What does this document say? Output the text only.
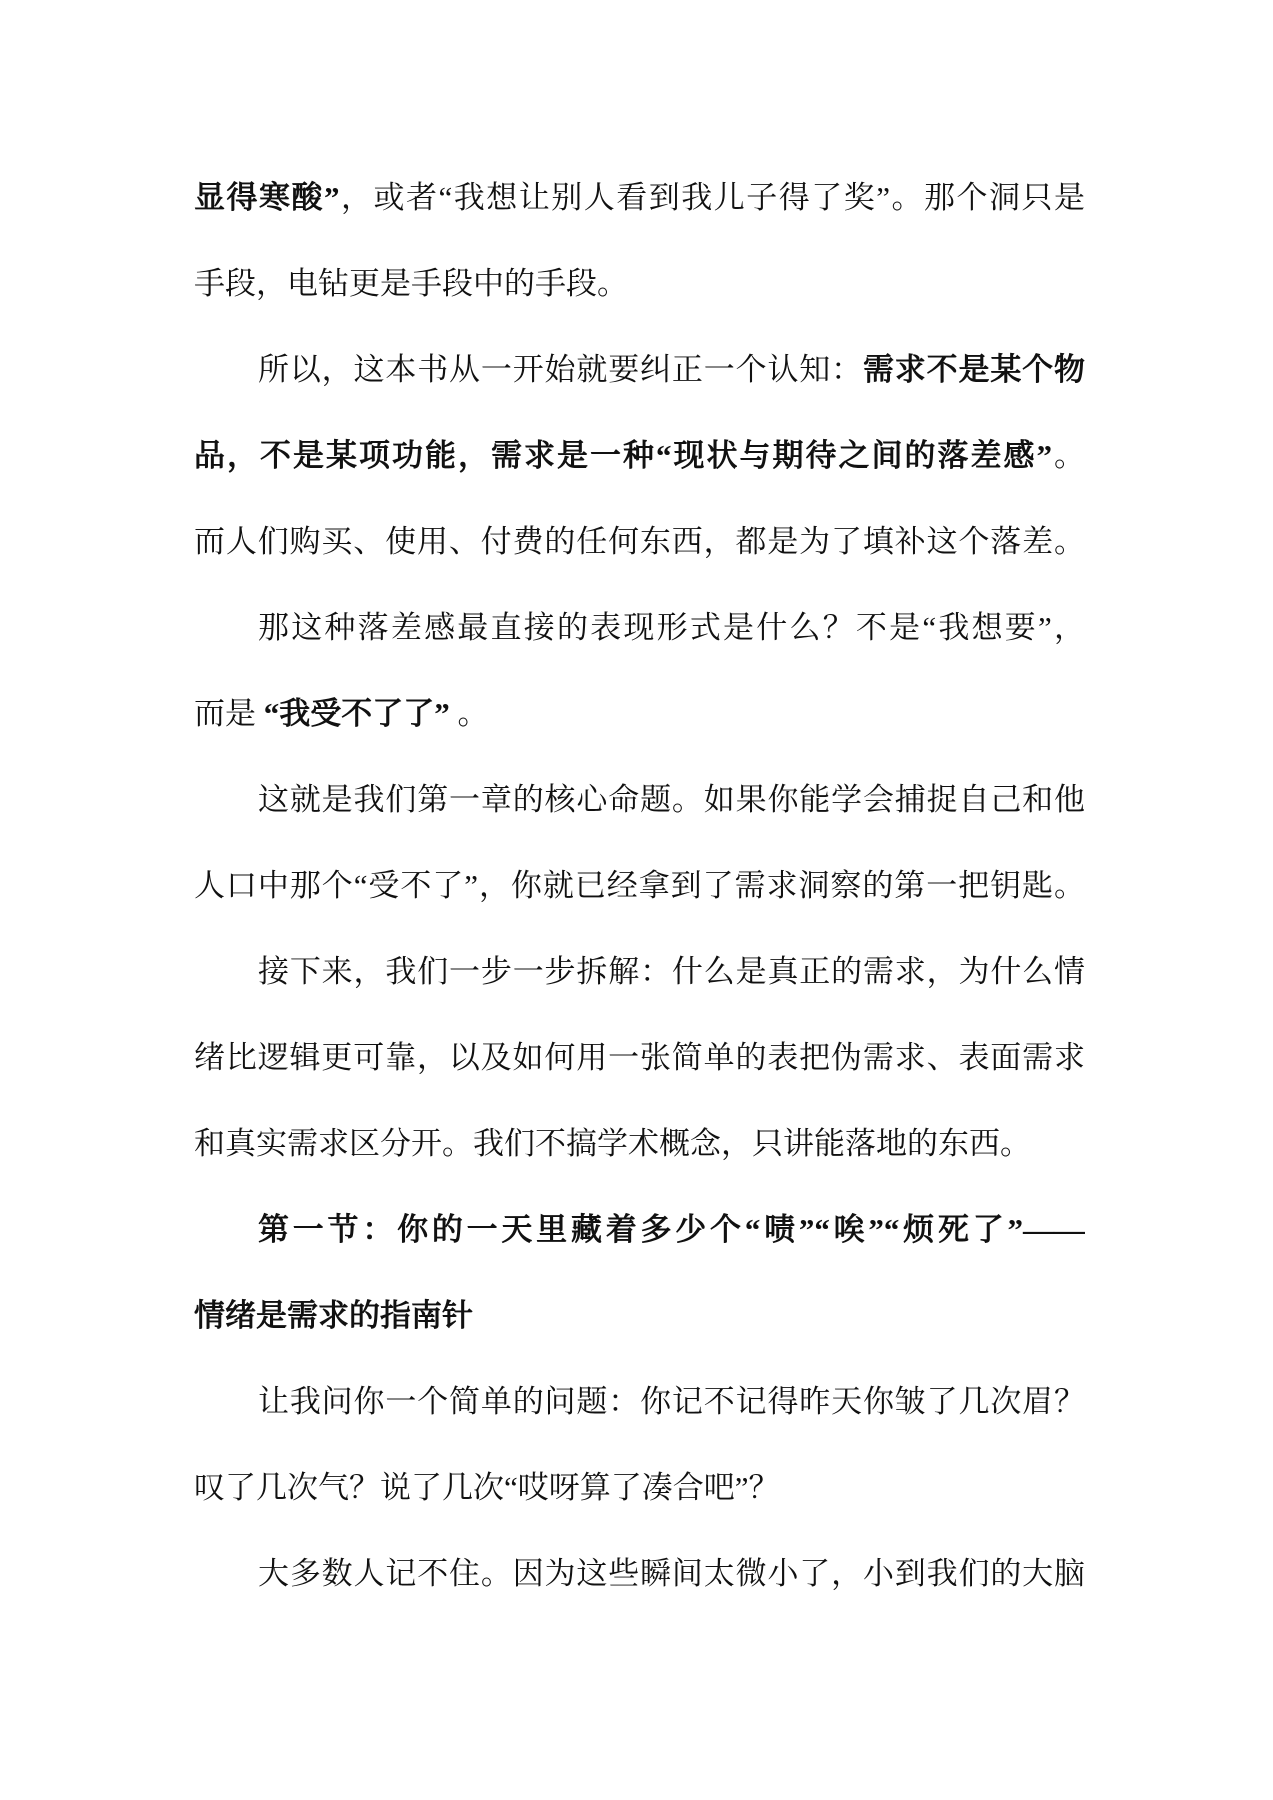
显得寒酸”，或者“我想让别人看到我儿子得了奖”。那个洞只是
手段，电钻更是手段中的手段。
所以，这本书从一开始就要纠正一个认知：需求不是某个物
品，不是某项功能，需求是一种“现状与期待之间的落差感”。
而人们购买、使用、付费的任何东西，都是为了填补这个落差。
那这种落差感最直接的表现形式是什么？不是“我想要”，
而是 “我受不了了” 。
这就是我们第一章的核心命题。如果你能学会捕捉自己和他
人口中那个“受不了”，你就已经拿到了需求洞察的第一把钥匙。
接下来，我们一步一步拆解：什么是真正的需求，为什么情
绪比逻辑更可靠，以及如何用一张简单的表把伪需求、表面需求
和真实需求区分开。我们不搞学术概念，只讲能落地的东西。
第一节：你的一天里藏着多少个“啧”“唉”“烦死了”——
情绪是需求的指南针
让我问你一个简单的问题：你记不记得昨天你皱了几次眉？
叹了几次气？说了几次“哎呀算了凑合吧”？
大多数人记不住。因为这些瞬间太微小了，小到我们的大脑
